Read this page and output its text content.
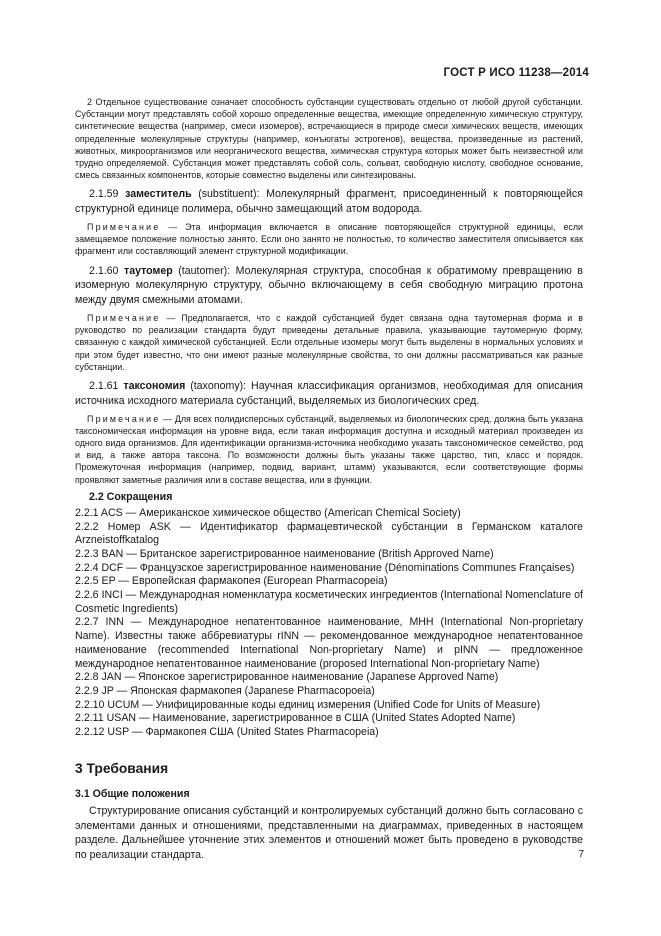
ГОСТ Р ИСО 11238—2014

2 Отдельное существование означает способность субстанции существовать отдельно от любой другой субстанции. Субстанции могут представлять собой хорошо определенные вещества, имеющие определенную химическую структуру, синтетические вещества (например, смеси изомеров), встречающиеся в природе смеси химических веществ, имеющих определенные молекулярные структуры (например, конъюгаты эстрогенов), вещества, произведенные из растений, животных, микроорганизмов или неорганического вещества, химическая структура которых может быть неизвестной или трудно определяемой. Субстанция может представлять собой соль, сольват, свободную кислоту, свободное основание, смесь связанных компонентов, которые совместно выделены или синтезированы.

2.1.59 заместитель (substituent): Молекулярный фрагмент, присоединенный к повторяющейся структурной единице полимера, обычно замещающий атом водорода.

Примечание — Эта информация включается в описание повторяющейся структурной единицы, если замещаемое положение полностью занято. Если оно занято не полностью, то количество заместителя описывается как фрагмент или составляющий элемент структурной модификации.

2.1.60 таутомер (tautomer): Молекулярная структура, способная к обратимому превращению в изомерную молекулярную структуру, обычно включающему в себя свободную миграцию протона между двумя смежными атомами.

Примечание — Предполагается, что с каждой субстанцией будет связана одна таутомерная форма и в руководство по реализации стандарта будут приведены детальные правила, указывающие таутомерную форму, связанную с каждой химической субстанцией. Если отдельные изомеры могут быть выделены в нормальных условиях и при этом будет известно, что они имеют разные молекулярные свойства, то они должны рассматриваться как разные субстанции.

2.1.61 таксономия (taxonomy): Научная классификация организмов, необходимая для описания источника исходного материала субстанций, выделяемых из биологических сред.

Примечание — Для всех полидисперсных субстанций, выделяемых из биологических сред, должна быть указана таксономическая информация на уровне вида, если такая информация доступна и исходный материал произведен из одного вида организмов. Для идентификации организма-источника необходимо указать таксономическое семейство, род и вид, а также автора таксона. По возможности должны быть указаны также царство, тип, класс и порядок. Промежуточная информация (например, подвид, вариант, штамм) указываются, если соответствующие формы проявляют заметные различия или в составе вещества, или в функции.

2.2 Сокращения

2.2.1 ACS — Американское химическое общество (American Chemical Society)

2.2.2 Номер ASK — Идентификатор фармацевтической субстанции в Германском каталоге Arzneistoffkatalog

2.2.3 BAN — Британское зарегистрированное наименование (British Approved Name)

2.2.4 DCF — Французское зарегистрированное наименование (Dénominations Communes Françaises)

2.2.5 EP — Европейская фармакопея (European Pharmacopeia)

2.2.6 INCI — Международная номенклатура косметических ингредиентов (International Nomenclature of Cosmetic Ingredients)

2.2.7 INN — Международное непатентованное наименование, МНН (International Non-proprietary Name). Известны также аббревиатуры rINN — рекомендованное международное непатентованное наименование (recommended International Non-proprietary Name) и pINN — предложенное международное непатентованное наименование (proposed International Non-proprietary Name)

2.2.8 JAN — Японское зарегистрированное наименование (Japanese Approved Name)

2.2.9 JP — Японская фармакопея (Japanese Pharmacopoeia)

2.2.10 UCUM — Унифицированные коды единиц измерения (Unified Code for Units of Measure)

2.2.11 USAN — Наименование, зарегистрированное в США (United States Adopted Name)

2.2.12 USP — Фармакопея США (United States Pharmacopeia)

3 Требования
3.1 Общие положения

Структурирование описания субстанций и контролируемых субстанций должно быть согласовано с элементами данных и отношениями, представленными на диаграммах, приведенных в настоящем разделе. Дальнейшее уточнение этих элементов и отношений может быть проведено в руководстве по реализации стандарта.	7
